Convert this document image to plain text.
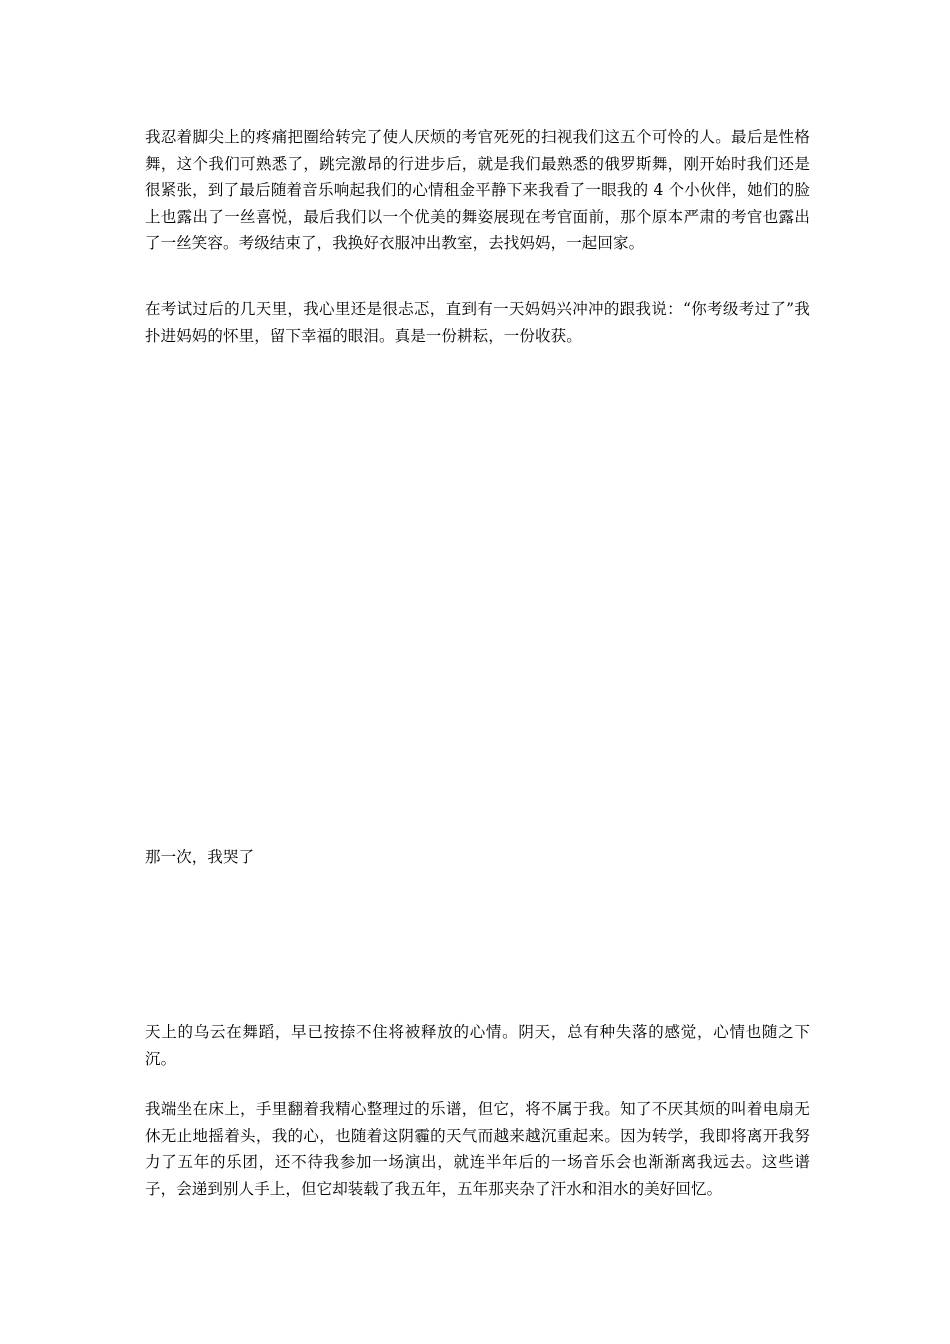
我忍着脚尖上的疼痛把圈给转完了使人厌烦的考官死死的扫视我们这五个可怜的人。最后是性格舞，这个我们可熟悉了，跳完激昂的行进步后，就是我们最熟悉的俄罗斯舞，刚开始时我们还是很紧张，到了最后随着音乐响起我们的心情租金平静下来我看了一眼我的 4 个小伙伴，她们的脸上也露出了一丝喜悦，最后我们以一个优美的舞姿展现在考官面前，那个原本严肃的考官也露出了一丝笑容。考级结束了，我换好衣服冲出教室，去找妈妈，一起回家。

在考试过后的几天里，我心里还是很忐忑，直到有一天妈妈兴冲冲的跟我说：“你考级考过了”我扑进妈妈的怀里，留下幸福的眼泪。真是一份耕耘，一份收获。

那一次，我哭了

天上的乌云在舞蹈，早已按捺不住将被释放的心情。阴天，总有种失落的感觉，心情也随之下沉。

我端坐在床上，手里翻着我精心整理过的乐谱，但它，将不属于我。知了不厌其烦的叫着电扇无休无止地摇着头，我的心，也随着这阴霾的天气而越来越沉重起来。因为转学，我即将离开我努力了五年的乐团，还不待我参加一场演出，就连半年后的一场音乐会也渐渐离我远去。这些谱子，会递到别人手上，但它却装载了我五年，五年那夹杂了汗水和泪水的美好回忆。
